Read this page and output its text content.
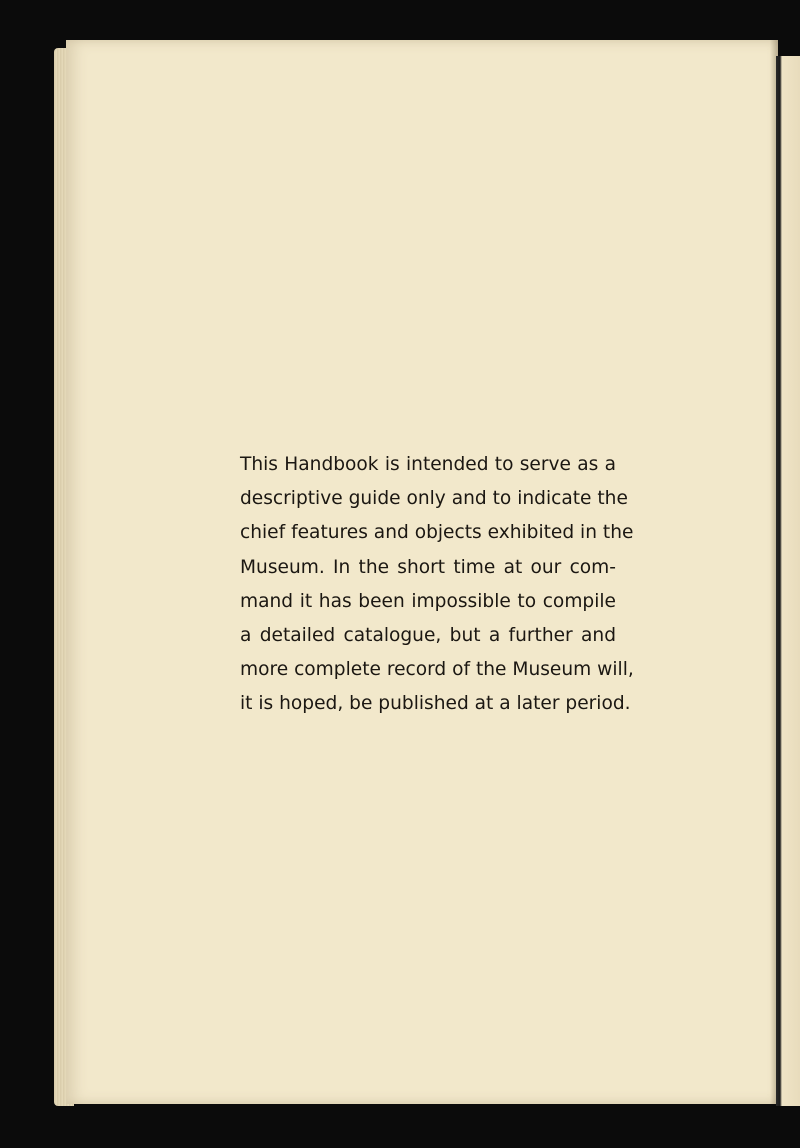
This Handbook is intended to serve as a
descriptive guide only and to indicate the
chief features and objects exhibited in the
Museum. In the short time at our com-
mand it has been impossible to compile
a detailed catalogue, but a further and
more complete record of the Museum will,
it is hoped, be published at a later period.
